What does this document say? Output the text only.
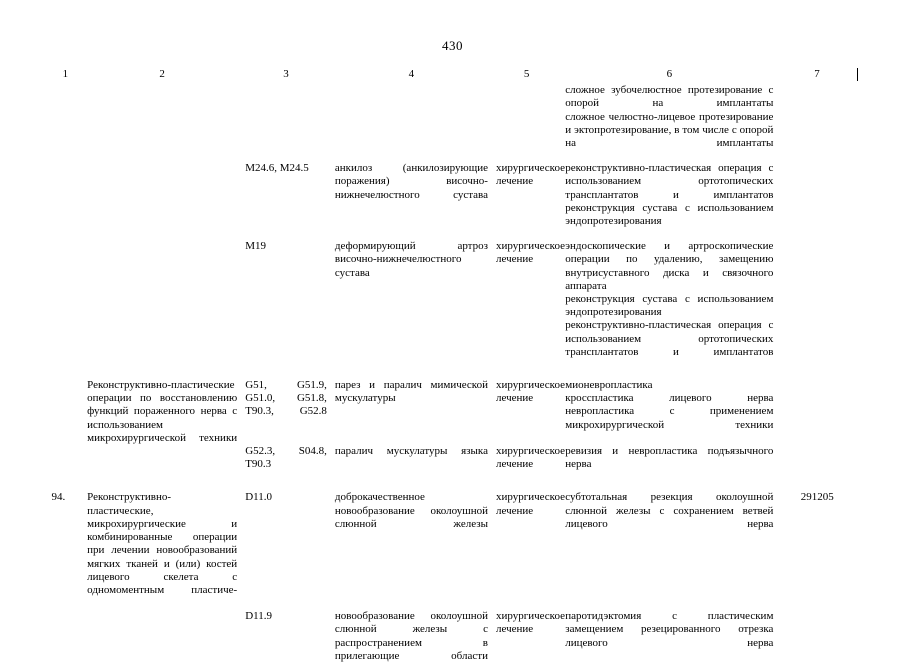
430
1	2	3	4	5	6	7
					сложное зубочелюстное протезирование с опорой на имплантаты	
					сложное челюстно-лицевое протезирование и эктопротезирование, в том числе с опорой на имплантаты	
		M24.6, M24.5	анкилоз (анкилозирующие поражения) височно-нижнечелюстного сустава	хирургическое лечение	реконструктивно-пластическая операция с использованием ортотопических трансплантатов и имплантатов
реконструкция сустава с использованием эндопротезирования	

		M19	деформирующий артроз височно-нижнечелюстного сустава	хирургическое лечение	эндоскопические и артроскопические операции по удалению, замещению внутрисуставного диска и связочного аппарата
реконструкция сустава с использованием эндопротезирования
реконструктивно-пластическая операция с использованием ортотопических трансплантатов и имплантатов	

	Реконструктивно-пластические операции по восстановлению функций пораженного нерва с использованием микрохирургической техники	G51, G51.9, G51.0, G51.8, T90.3, G52.8	парез и паралич мимической мускулатуры	хирургическое лечение	мионевропластика
кросспластика лицевого нерва
невропластика с применением микрохирургической техники	

		G52.3, S04.8, T90.3	паралич мускулатуры языка	хирургическое лечение	ревизия и невропластика подъязычного нерва	

94.	Реконструктивно-пластические, микрохирургические и комбинированные операции при лечении новообразований мягких тканей и (или) костей лицевого скелета с одномоментным пластиче-	D11.0	доброкачественное новообразование околоушной слюнной железы	хирургическое лечение	субтотальная резекция околоушной слюнной железы с сохранением ветвей лицевого нерва	291205
		D11.9	новообразование околоушной слюнной железы с распространением в прилегающие области	хирургическое лечение	паротидэктомия с пластическим замещением резецированного отрезка лицевого нерва	
